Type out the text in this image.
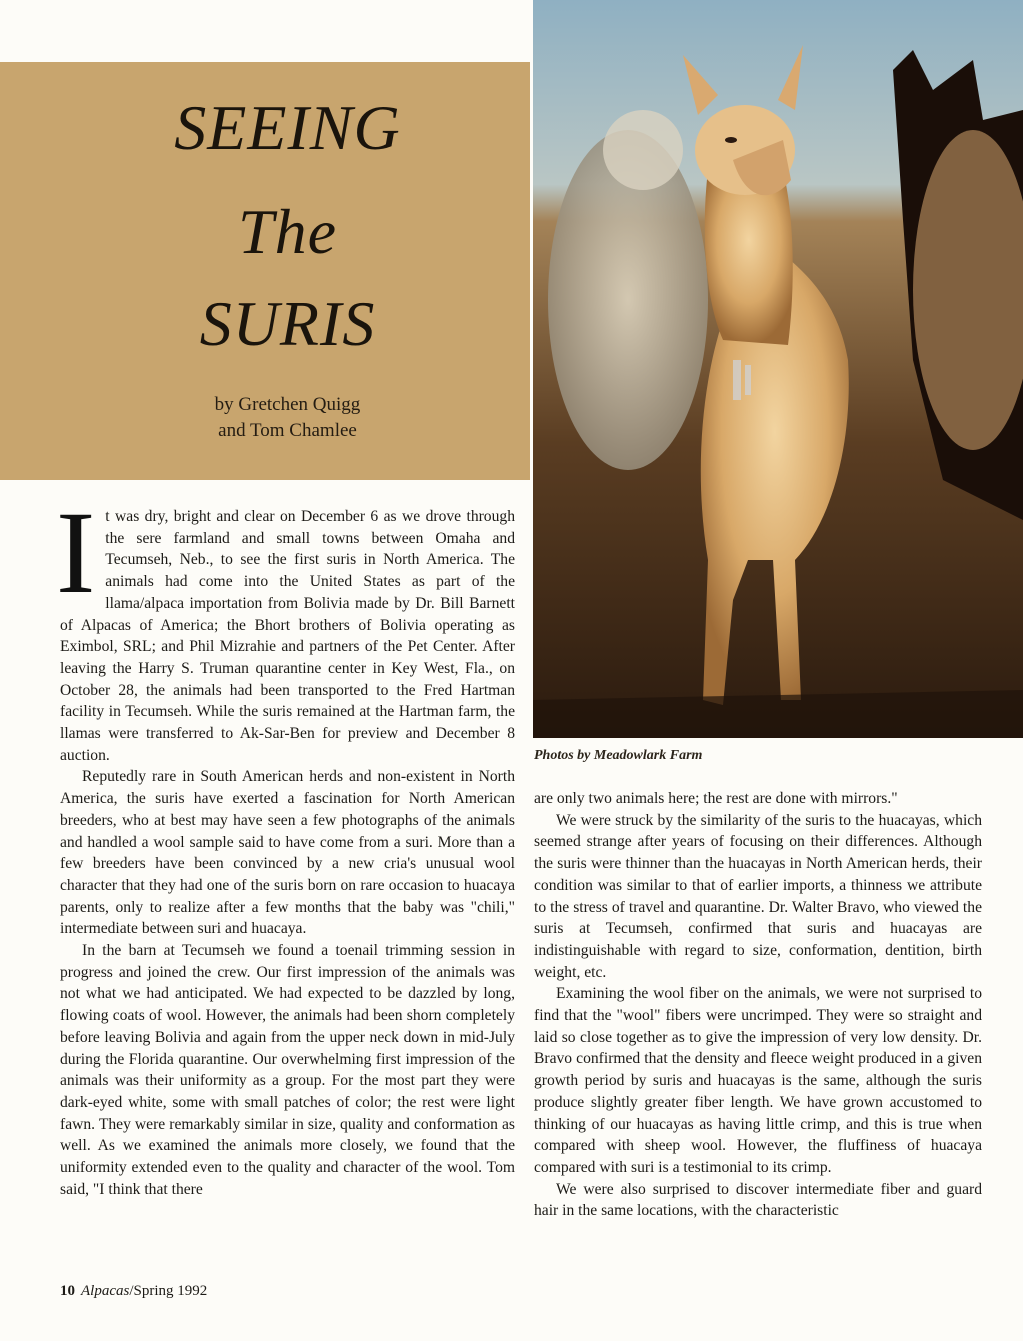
SEEING
The
SURIS
by Gretchen Quigg
and Tom Chamlee
Photos by Meadowlark Farm

It was dry, bright and clear on December 6 as we drove through the sere farmland and small towns between Omaha and Tecumseh, Neb., to see the first suris in North America. The animals had come into the United States as part of the llama/alpaca importation from Bolivia made by Dr. Bill Barnett of Alpacas of America; the Bhort brothers of Bolivia operating as Eximbol, SRL; and Phil Mizrahie and partners of the Pet Center. After leaving the Harry S. Truman quarantine center in Key West, Fla., on October 28, the animals had been transported to the Fred Hartman facility in Tecumseh. While the suris remained at the Hartman farm, the llamas were transferred to Ak-Sar-Ben for preview and December 8 auction.

Reputedly rare in South American herds and non-existent in North America, the suris have exerted a fascination for North American breeders, who at best may have seen a few photographs of the animals and handled a wool sample said to have come from a suri. More than a few breeders have been convinced by a new cria's unusual wool character that they had one of the suris born on rare occasion to huacaya parents, only to realize after a few months that the baby was "chili," intermediate between suri and huacaya.

In the barn at Tecumseh we found a toenail trimming session in progress and joined the crew. Our first impression of the animals was not what we had anticipated. We had expected to be dazzled by long, flowing coats of wool. However, the animals had been shorn completely before leaving Bolivia and again from the upper neck down in mid-July during the Florida quarantine. Our overwhelming first impression of the animals was their uniformity as a group. For the most part they were dark-eyed white, some with small patches of color; the rest were light fawn. They were remarkably similar in size, quality and conformation as well. As we examined the animals more closely, we found that the uniformity extended even to the quality and character of the wool. Tom said, "I think that there

are only two animals here; the rest are done with mirrors."

We were struck by the similarity of the suris to the huacayas, which seemed strange after years of focusing on their differences. Although the suris were thinner than the huacayas in North American herds, their condition was similar to that of earlier imports, a thinness we attribute to the stress of travel and quarantine. Dr. Walter Bravo, who viewed the suris at Tecumseh, confirmed that suris and huacayas are indistinguishable with regard to size, conformation, dentition, birth weight, etc.

Examining the wool fiber on the animals, we were not surprised to find that the "wool" fibers were uncrimped. They were so straight and laid so close together as to give the impression of very low density. Dr. Bravo confirmed that the density and fleece weight produced in a given growth period by suris and huacayas is the same, although the suris produce slightly greater fiber length. We have grown accustomed to thinking of our huacayas as having little crimp, and this is true when compared with sheep wool. However, the fluffiness of huacaya compared with suri is a testimonial to its crimp.

We were also surprised to discover intermediate fiber and guard hair in the same locations, with the characteristic

10 Alpacas/Spring 1992
